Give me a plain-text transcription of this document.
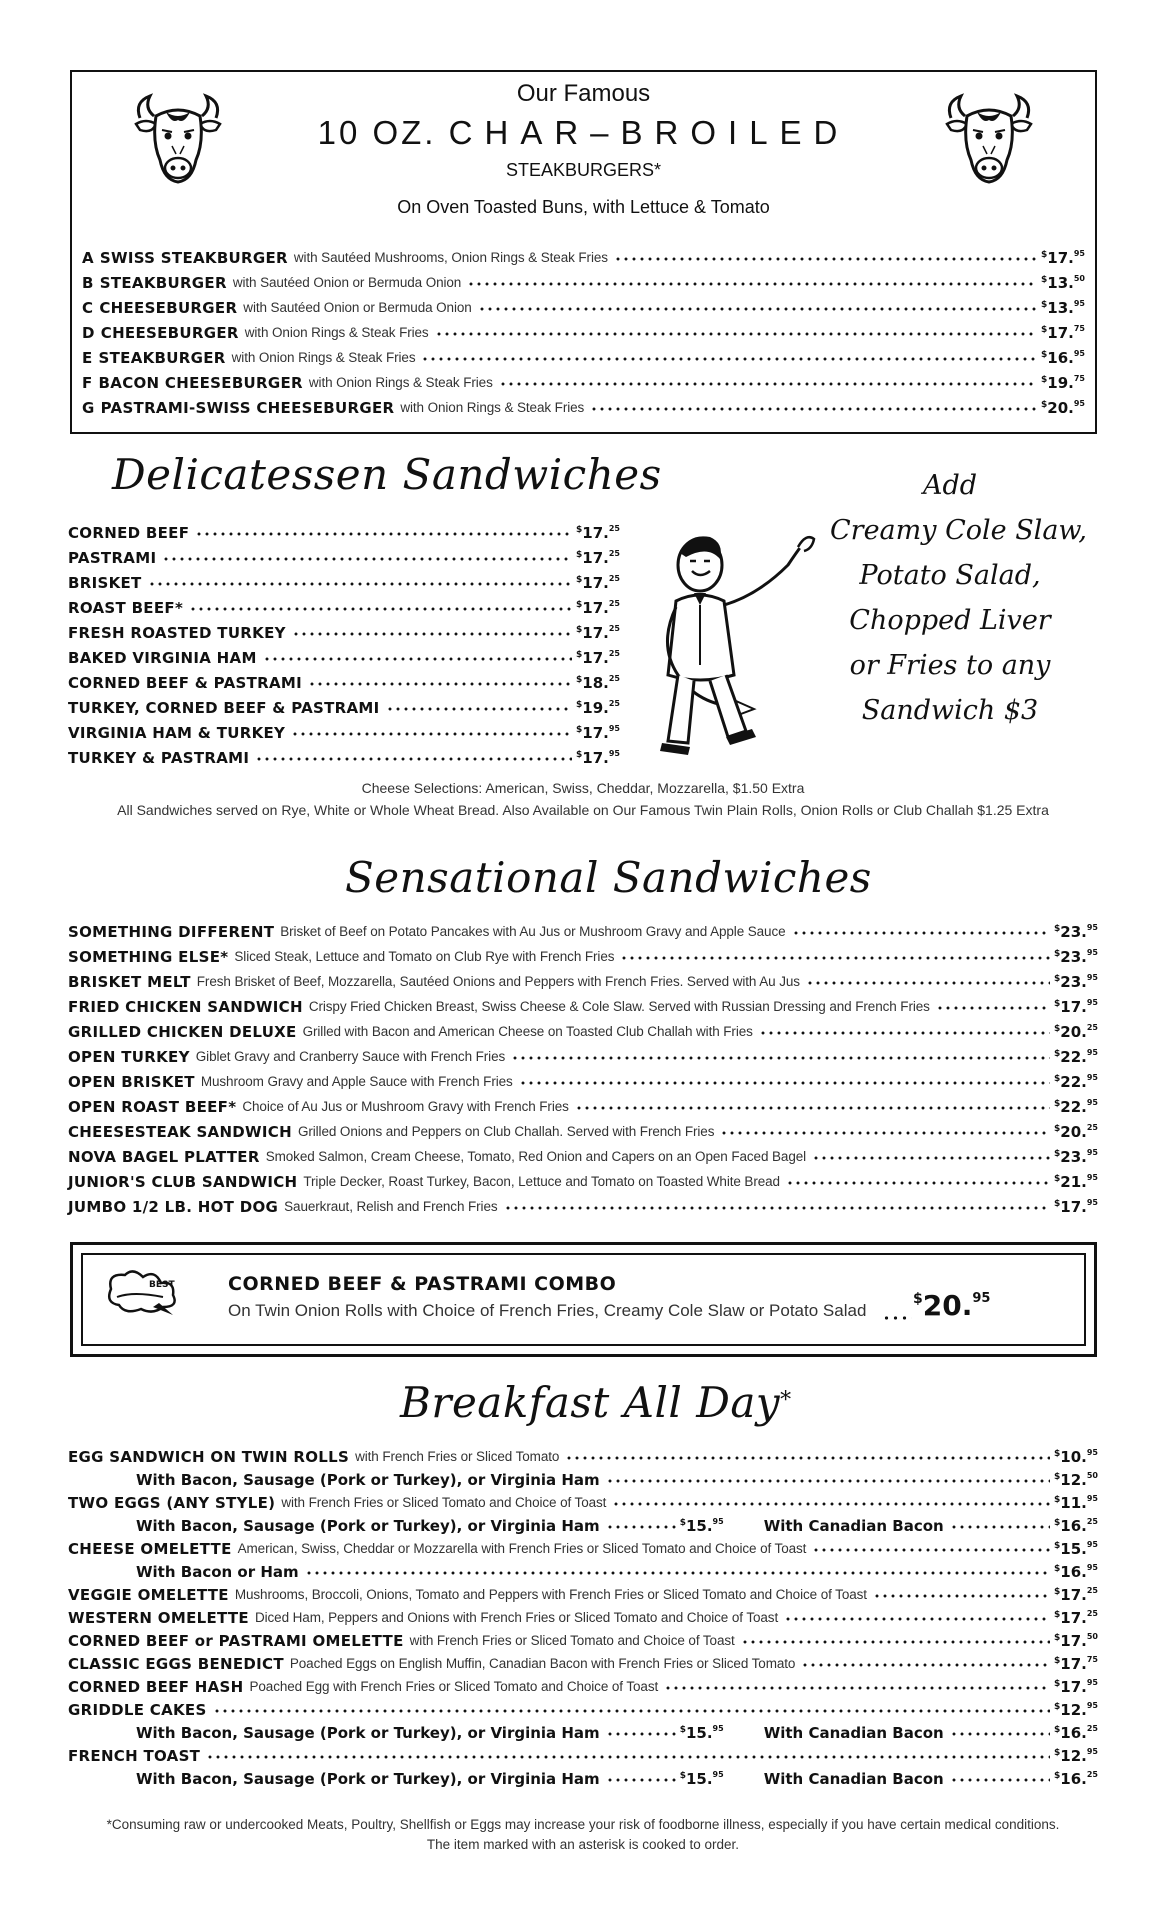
Our Famous
10 OZ. CHAR–BROILED
STEAKBURGERS*
On Oven Toasted Buns, with Lettuce & Tomato
A SWISS STEAKBURGER with Sautéed Mushrooms, Onion Rings & Steak Fries	$17.95
B STEAKBURGER with Sautéed Onion or Bermuda Onion	$13.50
C CHEESEBURGER with Sautéed Onion or Bermuda Onion	$13.95
D CHEESEBURGER with Onion Rings & Steak Fries	$17.75
E STEAKBURGER with Onion Rings & Steak Fries	$16.95
F BACON CHEESEBURGER with Onion Rings & Steak Fries	$19.75
G PASTRAMI-SWISS CHEESEBURGER with Onion Rings & Steak Fries	$20.95
Delicatessen Sandwiches
CORNED BEEF	$17.25
PASTRAMI	$17.25
BRISKET	$17.25
ROAST BEEF*	$17.25
FRESH ROASTED TURKEY	$17.25
BAKED VIRGINIA HAM	$17.25
CORNED BEEF & PASTRAMI	$18.25
TURKEY, CORNED BEEF & PASTRAMI	$19.25
VIRGINIA HAM & TURKEY	$17.95
TURKEY & PASTRAMI	$17.95
Add
Creamy Cole Slaw,
Potato Salad,
Chopped Liver
or Fries to any
Sandwich $3
Cheese Selections: American, Swiss, Cheddar, Mozzarella, $1.50 Extra
All Sandwiches served on Rye, White or Whole Wheat Bread. Also Available on Our Famous Twin Plain Rolls, Onion Rolls or Club Challah $1.25 Extra
Sensational Sandwiches
SOMETHING DIFFERENT Brisket of Beef on Potato Pancakes with Au Jus or Mushroom Gravy and Apple Sauce	$23.95
SOMETHING ELSE* Sliced Steak, Lettuce and Tomato on Club Rye with French Fries	$23.95
BRISKET MELT Fresh Brisket of Beef, Mozzarella, Sautéed Onions and Peppers with French Fries. Served with Au Jus	$23.95
FRIED CHICKEN SANDWICH Crispy Fried Chicken Breast, Swiss Cheese & Cole Slaw. Served with Russian Dressing and French Fries	$17.95
GRILLED CHICKEN DELUXE Grilled with Bacon and American Cheese on Toasted Club Challah with Fries	$20.25
OPEN TURKEY Giblet Gravy and Cranberry Sauce with French Fries	$22.95
OPEN BRISKET Mushroom Gravy and Apple Sauce with French Fries	$22.95
OPEN ROAST BEEF* Choice of Au Jus or Mushroom Gravy with French Fries	$22.95
CHEESESTEAK SANDWICH Grilled Onions and Peppers on Club Challah. Served with French Fries	$20.25
NOVA BAGEL PLATTER Smoked Salmon, Cream Cheese, Tomato, Red Onion and Capers on an Open Faced Bagel	$23.95
JUNIOR'S CLUB SANDWICH Triple Decker, Roast Turkey, Bacon, Lettuce and Tomato on Toasted White Bread	$21.95
JUMBO 1/2 LB. HOT DOG Sauerkraut, Relish and French Fries	$17.95
BEST	CORNED BEEF & PASTRAMI COMBO
On Twin Onion Rolls with Choice of French Fries, Creamy Cole Slaw or Potato Salad
$20.95
Breakfast All Day*
EGG SANDWICH ON TWIN ROLLS with French Fries or Sliced Tomato	$10.95
With Bacon, Sausage (Pork or Turkey), or Virginia Ham	$12.50
TWO EGGS (ANY STYLE) with French Fries or Sliced Tomato and Choice of Toast	$11.95
With Bacon, Sausage (Pork or Turkey), or Virginia Ham	$15.95	With Canadian Bacon	$16.25
CHEESE OMELETTE American, Swiss, Cheddar or Mozzarella with French Fries or Sliced Tomato and Choice of Toast	$15.95
With Bacon or Ham	$16.95
VEGGIE OMELETTE Mushrooms, Broccoli, Onions, Tomato and Peppers with French Fries or Sliced Tomato and Choice of Toast	$17.25
WESTERN OMELETTE Diced Ham, Peppers and Onions with French Fries or Sliced Tomato and Choice of Toast	$17.25
CORNED BEEF or PASTRAMI OMELETTE with French Fries or Sliced Tomato and Choice of Toast	$17.50
CLASSIC EGGS BENEDICT Poached Eggs on English Muffin, Canadian Bacon with French Fries or Sliced Tomato	$17.75
CORNED BEEF HASH Poached Egg with French Fries or Sliced Tomato and Choice of Toast	$17.95
GRIDDLE CAKES	$12.95
With Bacon, Sausage (Pork or Turkey), or Virginia Ham	$15.95	With Canadian Bacon	$16.25
FRENCH TOAST	$12.95
With Bacon, Sausage (Pork or Turkey), or Virginia Ham	$15.95	With Canadian Bacon	$16.25
*Consuming raw or undercooked Meats, Poultry, Shellfish or Eggs may increase your risk of foodborne illness, especially if you have certain medical conditions.
The item marked with an asterisk is cooked to order.
